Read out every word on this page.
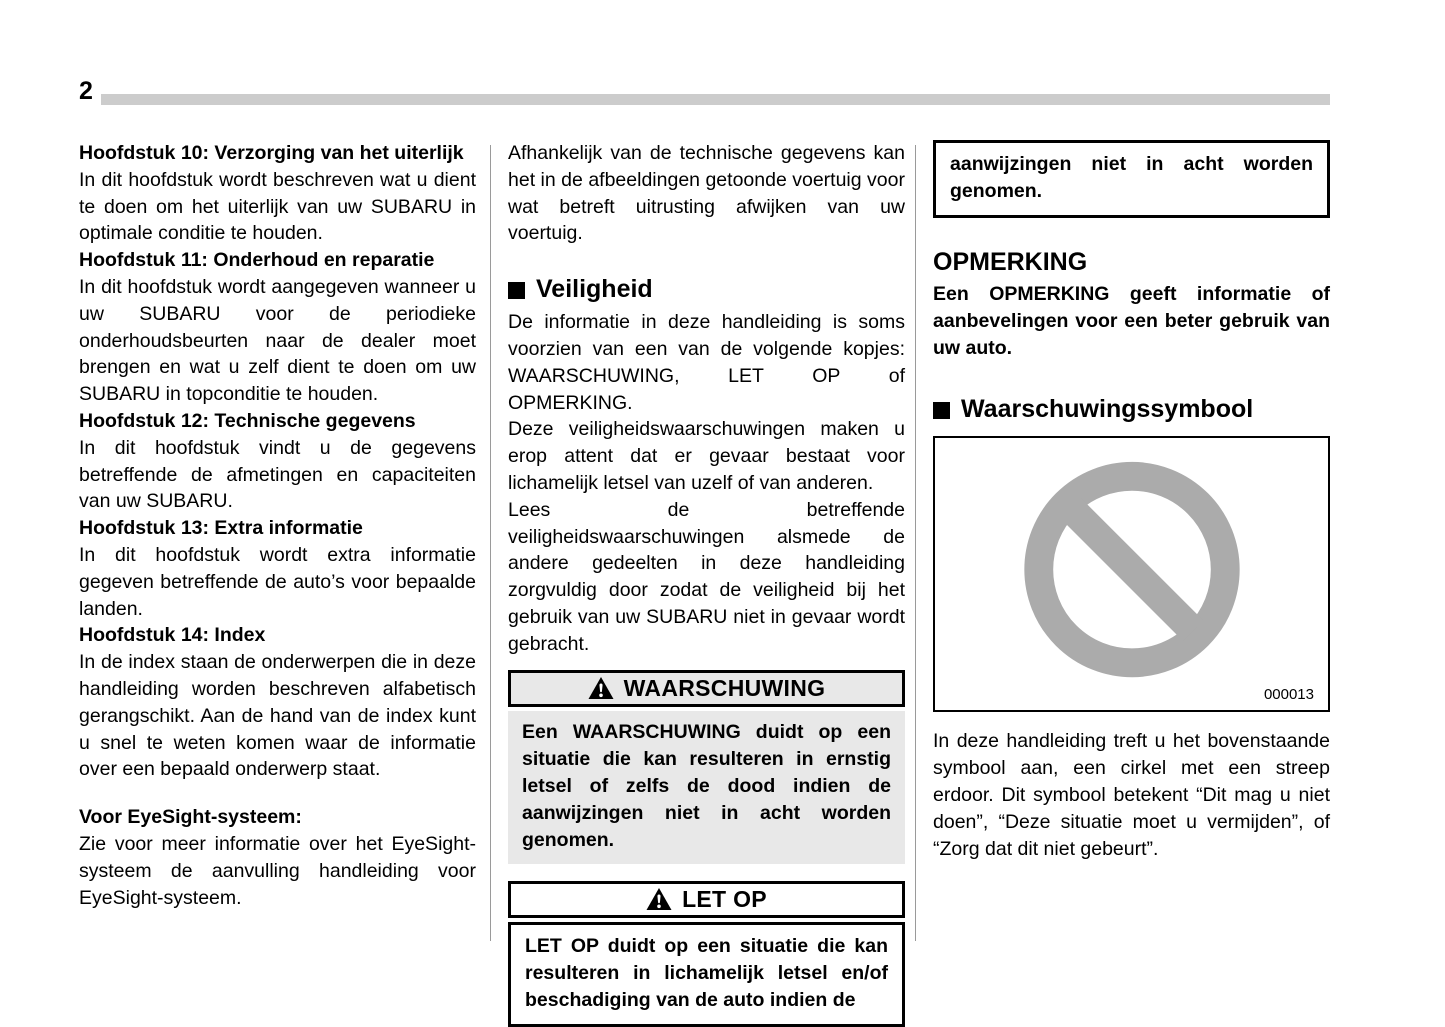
2

Hoofdstuk 10: Verzorging van het uiterlijk

In dit hoofdstuk wordt beschreven wat u dient te doen om het uiterlijk van uw SUBARU in optimale conditie te houden.

Hoofdstuk 11: Onderhoud en reparatie

In dit hoofdstuk wordt aangegeven wanneer u uw SUBARU voor de periodieke onderhoudsbeurten naar de dealer moet brengen en wat u zelf dient te doen om uw SUBARU in topconditie te houden.

Hoofdstuk 12: Technische gegevens

In dit hoofdstuk vindt u de gegevens betreffende de afmetingen en capaciteiten van uw SUBARU.

Hoofdstuk 13: Extra informatie

In dit hoofdstuk wordt extra informatie gegeven betreffende de auto’s voor bepaalde landen.

Hoofdstuk 14: Index

In de index staan de onderwerpen die in deze handleiding worden beschreven alfabetisch gerangschikt. Aan de hand van de index kunt u snel te weten komen waar de informatie over een bepaald onderwerp staat.

Voor EyeSight-systeem:

Zie voor meer informatie over het EyeSight-systeem de aanvulling handleiding voor EyeSight-systeem.

Afhankelijk van de technische gegevens kan het in de afbeeldingen getoonde voertuig voor wat betreft uitrusting afwijken van uw voertuig.

Veiligheid

De informatie in deze handleiding is soms voorzien van een van de volgende kopjes: WAARSCHUWING, LET OP of OPMERKING.

Deze veiligheidswaarschuwingen maken u erop attent dat er gevaar bestaat voor lichamelijk letsel van uzelf of van anderen.

Lees de betreffende veiligheidswaarschuwingen alsmede de andere gedeelten in deze handleiding zorgvuldig door zodat de veiligheid bij het gebruik van uw SUBARU niet in gevaar wordt gebracht.

WAARSCHUWING

Een WAARSCHUWING duidt op een situatie die kan resulteren in ernstig letsel of zelfs de dood indien de aanwijzingen niet in acht worden genomen.

LET OP

LET OP duidt op een situatie die kan resulteren in lichamelijk letsel en/of beschadiging van de auto indien de

aanwijzingen niet in acht worden genomen.

OPMERKING

Een OPMERKING geeft informatie of aanbevelingen voor een beter gebruik van uw auto.

Waarschuwingssymbool
000013

In deze handleiding treft u het bovenstaande symbool aan, een cirkel met een streep erdoor. Dit symbool betekent “Dit mag u niet doen”, “Deze situatie moet u vermijden”, of “Zorg dat dit niet gebeurt”.
